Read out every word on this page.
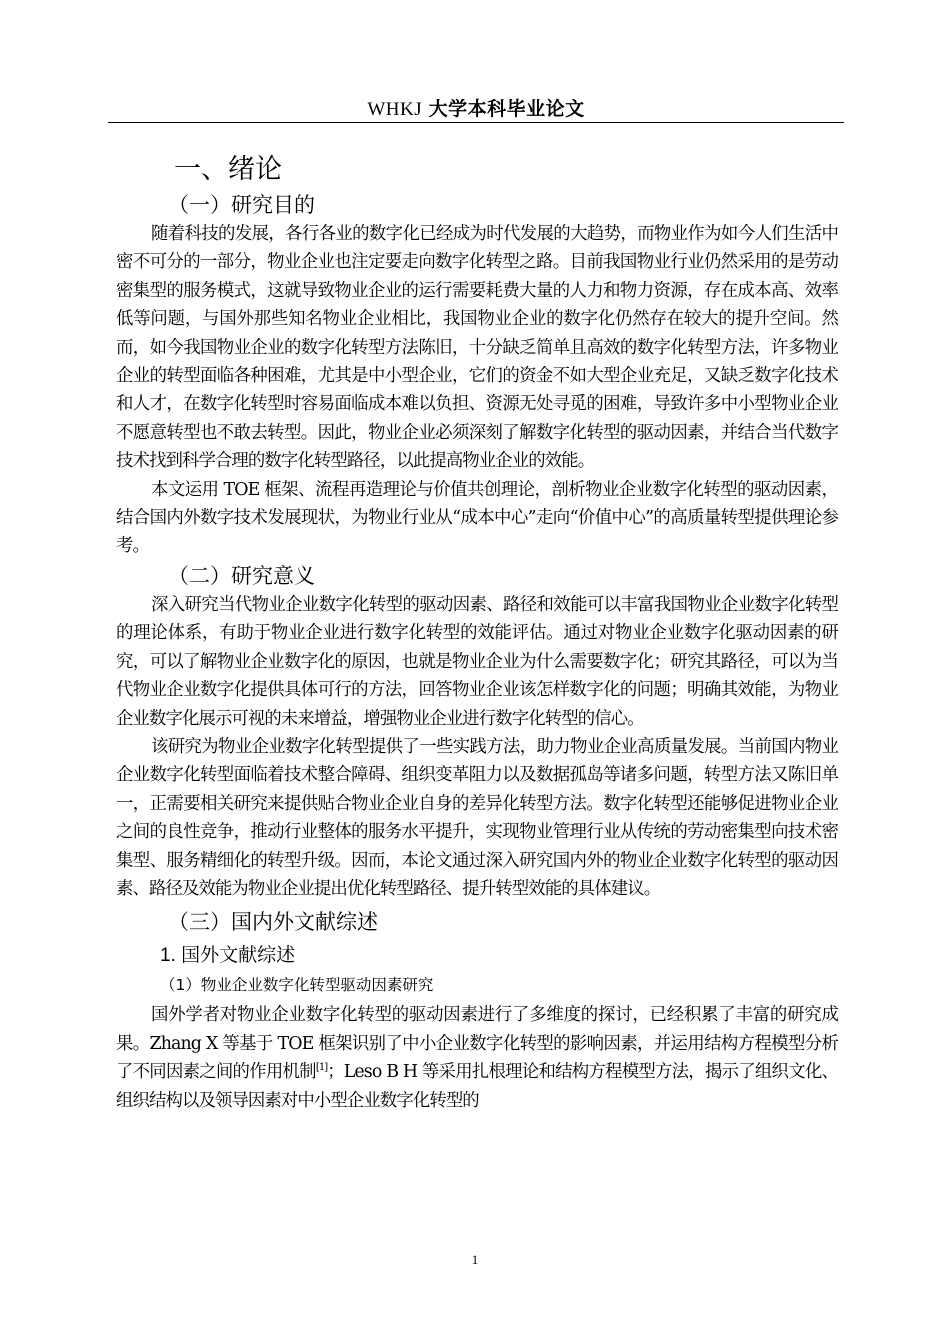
WHKJ 大学本科毕业论文
一、绪论
（一）研究目的

随着科技的发展，各行各业的数字化已经成为时代发展的大趋势，而物业作为如今人们生活中密不可分的一部分，物业企业也注定要走向数字化转型之路。目前我国物业行业仍然采用的是劳动密集型的服务模式，这就导致物业企业的运行需要耗费大量的人力和物力资源，存在成本高、效率低等问题，与国外那些知名物业企业相比，我国物业企业的数字化仍然存在较大的提升空间。然而，如今我国物业企业的数字化转型方法陈旧，十分缺乏简单且高效的数字化转型方法，许多物业企业的转型面临各种困难，尤其是中小型企业，它们的资金不如大型企业充足，又缺乏数字化技术和人才，在数字化转型时容易面临成本难以负担、资源无处寻觅的困难，导致许多中小型物业企业不愿意转型也不敢去转型。因此，物业企业必须深刻了解数字化转型的驱动因素，并结合当代数字技术找到科学合理的数字化转型路径，以此提高物业企业的效能。

本文运用 TOE 框架、流程再造理论与价值共创理论，剖析物业企业数字化转型的驱动因素，结合国内外数字技术发展现状，为物业行业从“成本中心”走向“价值中心”的高质量转型提供理论参考。

（二）研究意义

深入研究当代物业企业数字化转型的驱动因素、路径和效能可以丰富我国物业企业数字化转型的理论体系，有助于物业企业进行数字化转型的效能评估。通过对物业企业数字化驱动因素的研究，可以了解物业企业数字化的原因，也就是物业企业为什么需要数字化；研究其路径，可以为当代物业企业数字化提供具体可行的方法，回答物业企业该怎样数字化的问题；明确其效能，为物业企业数字化展示可视的未来增益，增强物业企业进行数字化转型的信心。

该研究为物业企业数字化转型提供了一些实践方法，助力物业企业高质量发展。当前国内物业企业数字化转型面临着技术整合障碍、组织变革阻力以及数据孤岛等诸多问题，转型方法又陈旧单一，正需要相关研究来提供贴合物业企业自身的差异化转型方法。数字化转型还能够促进物业企业之间的良性竞争，推动行业整体的服务水平提升，实现物业管理行业从传统的劳动密集型向技术密集型、服务精细化的转型升级。因而，本论文通过深入研究国内外的物业企业数字化转型的驱动因素、路径及效能为物业企业提出优化转型路径、提升转型效能的具体建议。

（三）国内外文献综述
1. 国外文献综述
（1）物业企业数字化转型驱动因素研究

国外学者对物业企业数字化转型的驱动因素进行了多维度的探讨，已经积累了丰富的研究成果。Zhang X 等基于 TOE 框架识别了中小企业数字化转型的影响因素，并运用结构方程模型分析了不同因素之间的作用机制[1]；Leso B H 等采用扎根理论和结构方程模型方法，揭示了组织文化、组织结构以及领导因素对中小型企业数字化转型的

1
